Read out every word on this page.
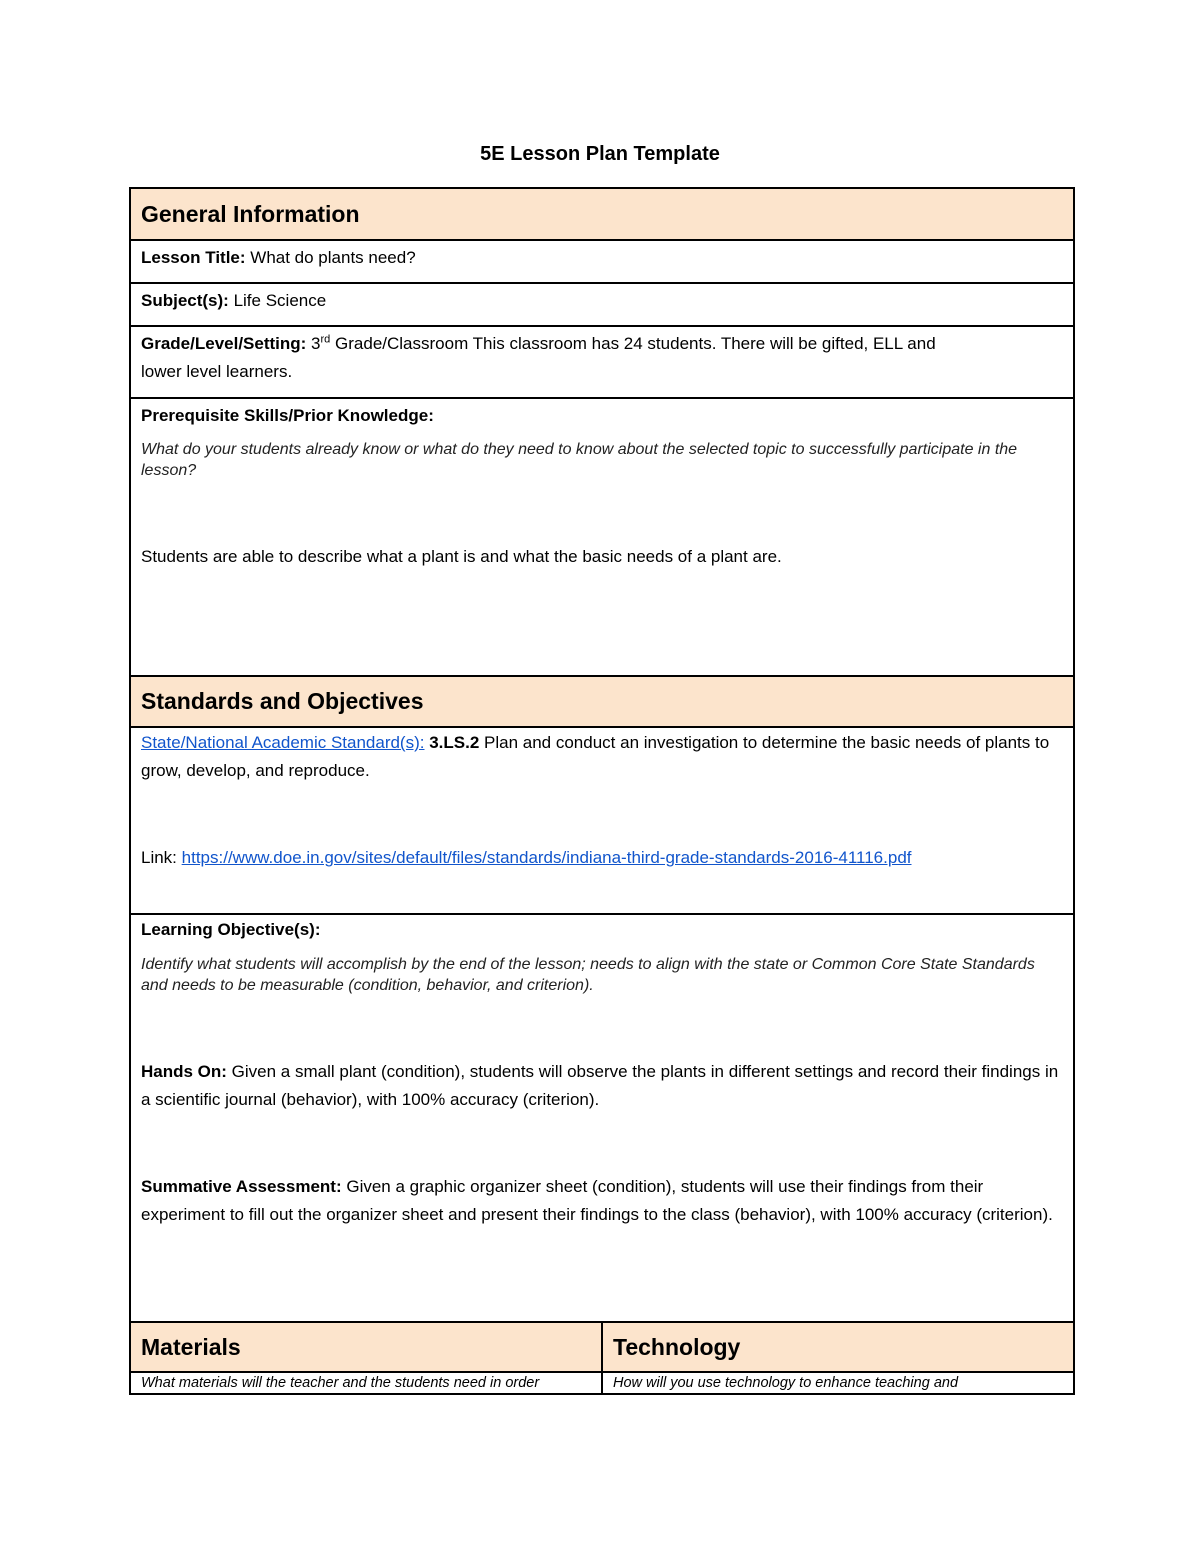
5E Lesson Plan Template
General Information
Lesson Title: What do plants need?
Subject(s): Life Science
Grade/Level/Setting: 3rd Grade/Classroom This classroom has 24 students. There will be gifted, ELL and
lower level learners.
Prerequisite Skills/Prior Knowledge:
What do your students already know or what do they need to know about the selected topic to successfully participate in the lesson?
Students are able to describe what a plant is and what the basic needs of a plant are.
Standards and Objectives
State/National Academic Standard(s): 3.LS.2 Plan and conduct an investigation to determine the basic needs of plants to grow, develop, and reproduce.
Link: https://www.doe.in.gov/sites/default/files/standards/indiana-third-grade-standards-2016-41116.pdf
Learning Objective(s):
Identify what students will accomplish by the end of the lesson; needs to align with the state or Common Core State Standards and needs to be measurable (condition, behavior, and criterion).
Hands On: Given a small plant (condition), students will observe the plants in different settings and record their findings in a scientific journal (behavior), with 100% accuracy (criterion).
Summative Assessment: Given a graphic organizer sheet (condition), students will use their findings from their experiment to fill out the organizer sheet and present their findings to the class (behavior), with 100% accuracy (criterion).
Materials	Technology
What materials will the teacher and the students need in order	How will you use technology to enhance teaching and
